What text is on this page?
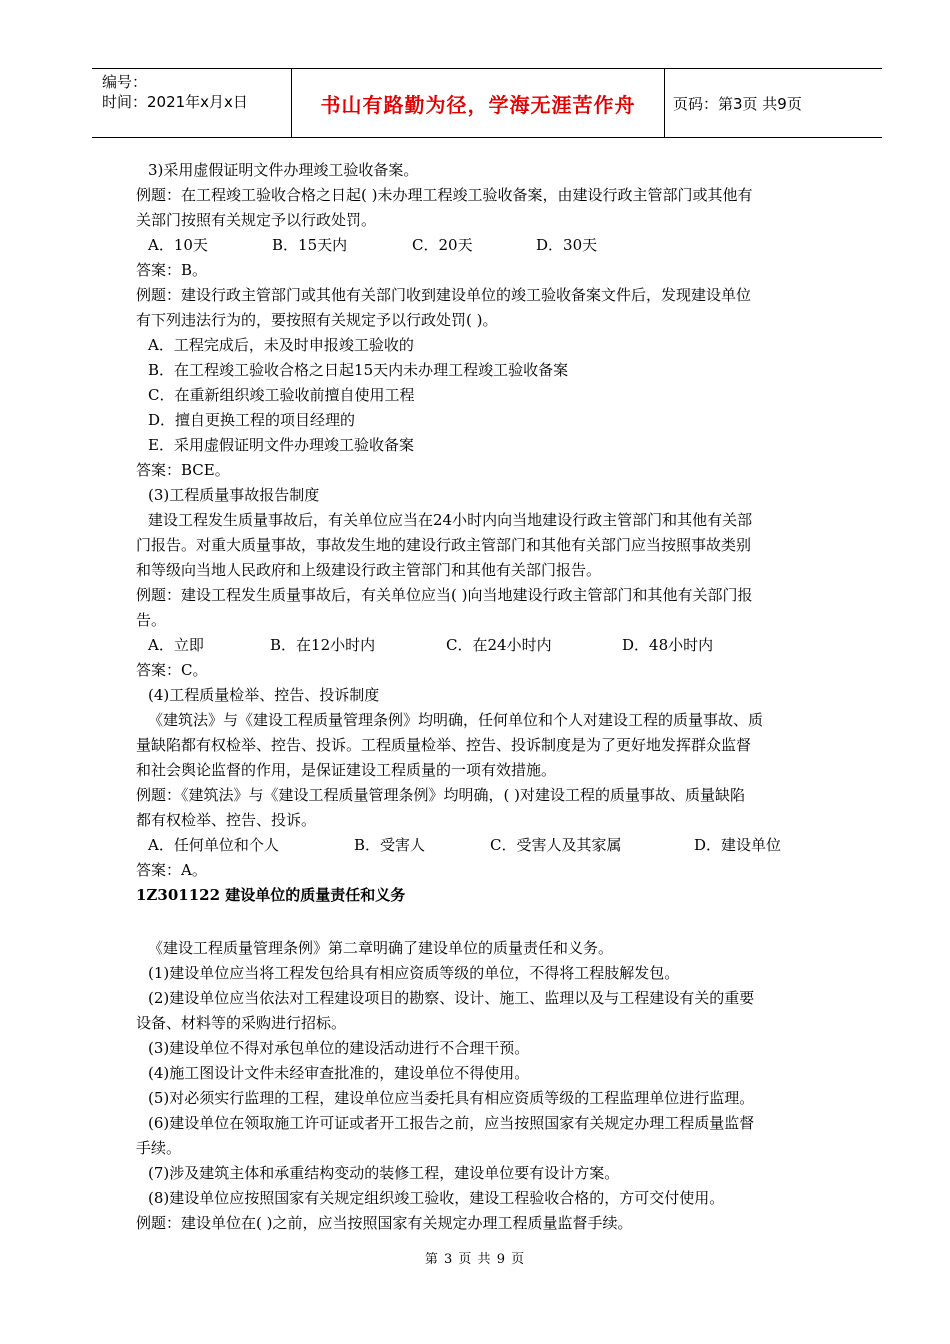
编号：
时间：2021年x月x日	书山有路勤为径，学海无涯苦作舟	页码：第3页 共9页
3)采用虚假证明文件办理竣工验收备案。
例题：在工程竣工验收合格之日起( )未办理工程竣工验收备案，由建设行政主管部门或其他有
关部门按照有关规定予以行政处罚。
A．10天	B．15天内	C．20天	D．30天
答案：B。
例题：建设行政主管部门或其他有关部门收到建设单位的竣工验收备案文件后，发现建设单位
有下列违法行为的，要按照有关规定予以行政处罚( )。
A．工程完成后，未及时申报竣工验收的
B．在工程竣工验收合格之日起15天内未办理工程竣工验收备案
C．在重新组织竣工验收前擅自使用工程
D．擅自更换工程的项目经理的
E．采用虚假证明文件办理竣工验收备案
答案：BCE。
(3)工程质量事故报告制度
建设工程发生质量事故后，有关单位应当在24小时内向当地建设行政主管部门和其他有关部
门报告。对重大质量事故，事故发生地的建设行政主管部门和其他有关部门应当按照事故类别
和等级向当地人民政府和上级建设行政主管部门和其他有关部门报告。
例题：建设工程发生质量事故后，有关单位应当( )向当地建设行政主管部门和其他有关部门报
告。
A．立即	B．在12小时内	C．在24小时内	D．48小时内
答案：C。
(4)工程质量检举、控告、投诉制度
《建筑法》与《建设工程质量管理条例》均明确，任何单位和个人对建设工程的质量事故、质
量缺陷都有权检举、控告、投诉。工程质量检举、控告、投诉制度是为了更好地发挥群众监督
和社会舆论监督的作用，是保证建设工程质量的一项有效措施。
例题：《建筑法》与《建设工程质量管理条例》均明确，( )对建设工程的质量事故、质量缺陷
都有权检举、控告、投诉。
A．任何单位和个人	B．受害人	C．受害人及其家属	D．建设单位
答案：A。
1Z301122 建设单位的质量责任和义务
《建设工程质量管理条例》第二章明确了建设单位的质量责任和义务。
(1)建设单位应当将工程发包给具有相应资质等级的单位，不得将工程肢解发包。
(2)建设单位应当依法对工程建设项目的勘察、设计、施工、监理以及与工程建设有关的重要
设备、材料等的采购进行招标。
(3)建设单位不得对承包单位的建设活动进行不合理干预。
(4)施工图设计文件未经审查批准的，建设单位不得使用。
(5)对必须实行监理的工程，建设单位应当委托具有相应资质等级的工程监理单位进行监理。
(6)建设单位在领取施工许可证或者开工报告之前，应当按照国家有关规定办理工程质量监督
手续。
(7)涉及建筑主体和承重结构变动的装修工程，建设单位要有设计方案。
(8)建设单位应按照国家有关规定组织竣工验收，建设工程验收合格的，方可交付使用。
例题：建设单位在( )之前，应当按照国家有关规定办理工程质量监督手续。
第 3 页 共 9 页
